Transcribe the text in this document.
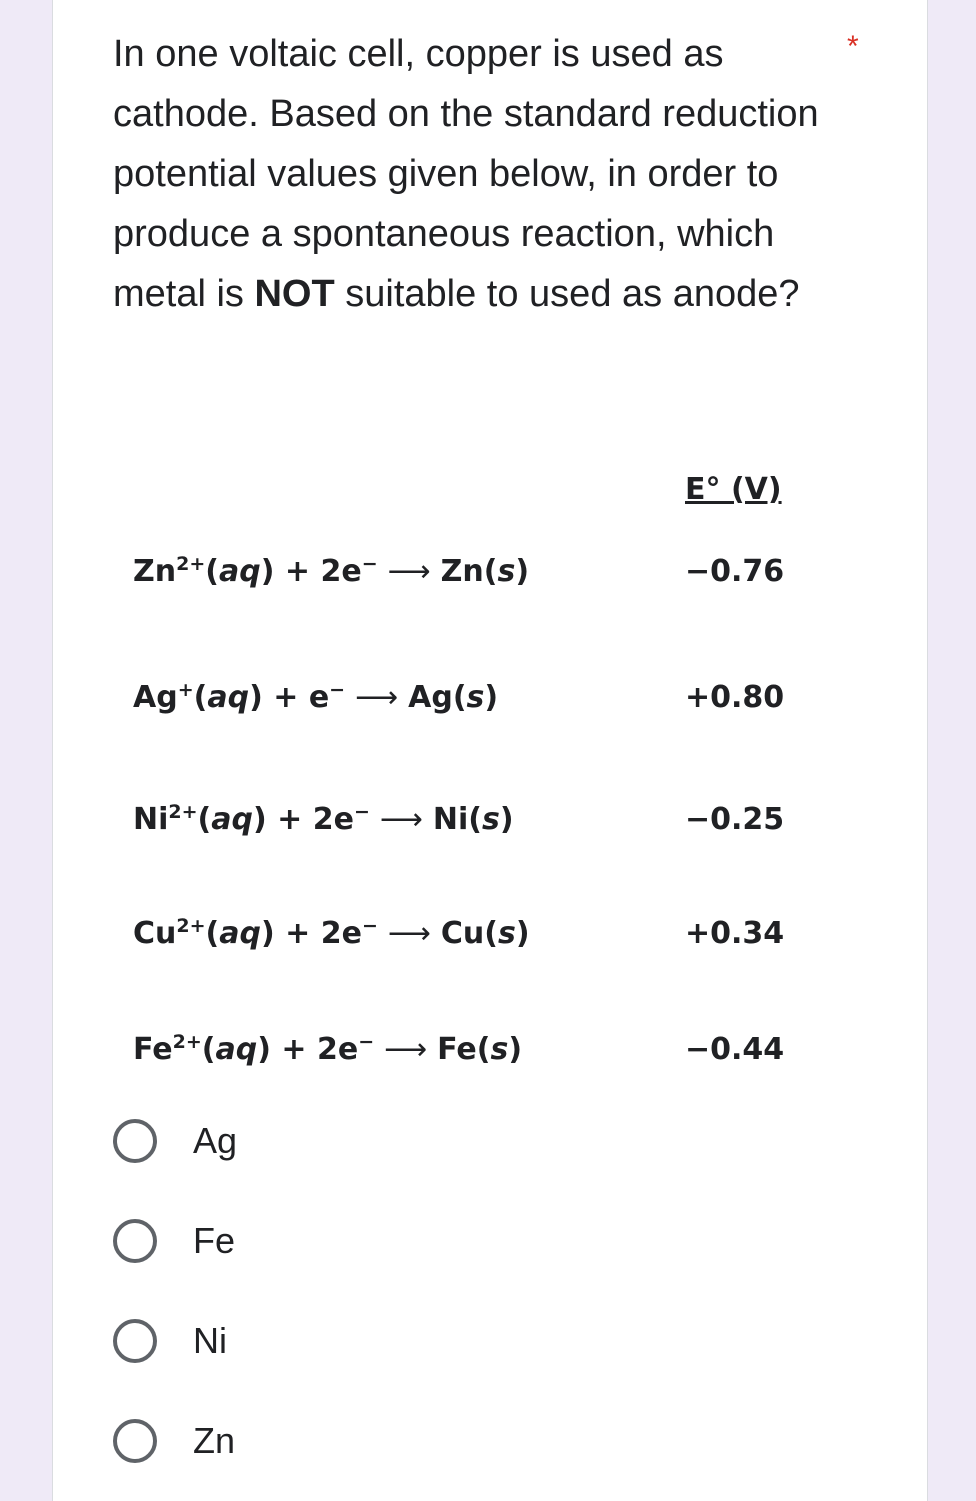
In one voltaic cell, copper is used as cathode. Based on the standard reduction potential values given below, in order to produce a spontaneous reaction, which metal is NOT suitable to used as anode?
*
E° (V)
$Zn^{2+}(aq) + 2e^-$ ⟶ Zn(s)	−0.76
Ag+(aq) + e− ⟶ Ag(s)	+0.80
$Ni^{2+}(aq) + 2e^-$ ⟶ Ni(s)	−0.25
$Cu^{2+}(aq) + 2e^-$ ⟶ Cu(s)	+0.34
$Fe^{2+}(aq) + 2e^-$ ⟶ Fe(s)	−0.44
Ag
Fe
Ni
Zn
